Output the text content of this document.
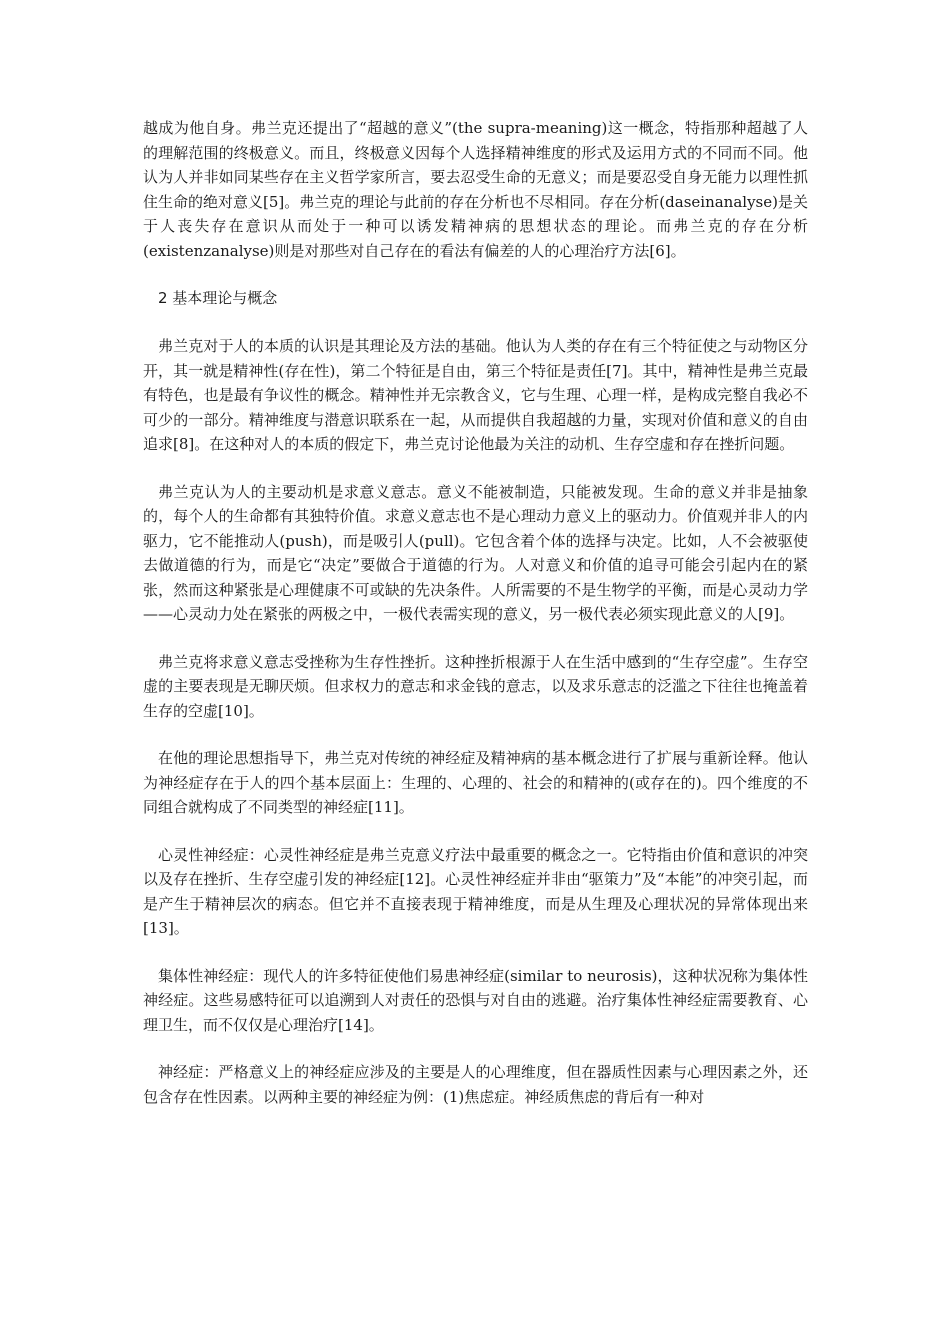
越成为他自身。弗兰克还提出了“超越的意义”(the supra-meaning)这一概念，特指那种超越了人的理解范围的终极意义。而且，终极意义因每个人选择精神维度的形式及运用方式的不同而不同。他认为人并非如同某些存在主义哲学家所言，要去忍受生命的无意义；而是要忍受自身无能力以理性抓住生命的绝对意义[5]。弗兰克的理论与此前的存在分析也不尽相同。存在分析(daseinanalyse)是关于人丧失存在意识从而处于一种可以诱发精神病的思想状态的理论。而弗兰克的存在分析(existenzanalyse)则是对那些对自己存在的看法有偏差的人的心理治疗方法[6]。

2 基本理论与概念

弗兰克对于人的本质的认识是其理论及方法的基础。他认为人类的存在有三个特征使之与动物区分开，其一就是精神性(存在性)，第二个特征是自由，第三个特征是责任[7]。其中，精神性是弗兰克最有特色，也是最有争议性的概念。精神性并无宗教含义，它与生理、心理一样，是构成完整自我必不可少的一部分。精神维度与潜意识联系在一起，从而提供自我超越的力量，实现对价值和意义的自由追求[8]。在这种对人的本质的假定下，弗兰克讨论他最为关注的动机、生存空虚和存在挫折问题。

弗兰克认为人的主要动机是求意义意志。意义不能被制造，只能被发现。生命的意义并非是抽象的，每个人的生命都有其独特价值。求意义意志也不是心理动力意义上的驱动力。价值观并非人的内驱力，它不能推动人(push)，而是吸引人(pull)。它包含着个体的选择与决定。比如，人不会被驱使去做道德的行为，而是它“决定”要做合于道德的行为。人对意义和价值的追寻可能会引起内在的紧张，然而这种紧张是心理健康不可或缺的先决条件。人所需要的不是生物学的平衡，而是心灵动力学——心灵动力处在紧张的两极之中，一极代表需实现的意义，另一极代表必须实现此意义的人[9]。

弗兰克将求意义意志受挫称为生存性挫折。这种挫折根源于人在生活中感到的“生存空虚”。生存空虚的主要表现是无聊厌烦。但求权力的意志和求金钱的意志，以及求乐意志的泛滥之下往往也掩盖着生存的空虚[10]。

在他的理论思想指导下，弗兰克对传统的神经症及精神病的基本概念进行了扩展与重新诠释。他认为神经症存在于人的四个基本层面上：生理的、心理的、社会的和精神的(或存在的)。四个维度的不同组合就构成了不同类型的神经症[11]。

心灵性神经症：心灵性神经症是弗兰克意义疗法中最重要的概念之一。它特指由价值和意识的冲突以及存在挫折、生存空虚引发的神经症[12]。心灵性神经症并非由“驱策力”及“本能”的冲突引起，而是产生于精神层次的病态。但它并不直接表现于精神维度，而是从生理及心理状况的异常体现出来[13]。

集体性神经症：现代人的许多特征使他们易患神经症(similar to neurosis)，这种状况称为集体性神经症。这些易感特征可以追溯到人对责任的恐惧与对自由的逃避。治疗集体性神经症需要教育、心理卫生，而不仅仅是心理治疗[14]。

神经症：严格意义上的神经症应涉及的主要是人的心理维度，但在器质性因素与心理因素之外，还包含存在性因素。以两种主要的神经症为例：(1)焦虑症。神经质焦虑的背后有一种对
